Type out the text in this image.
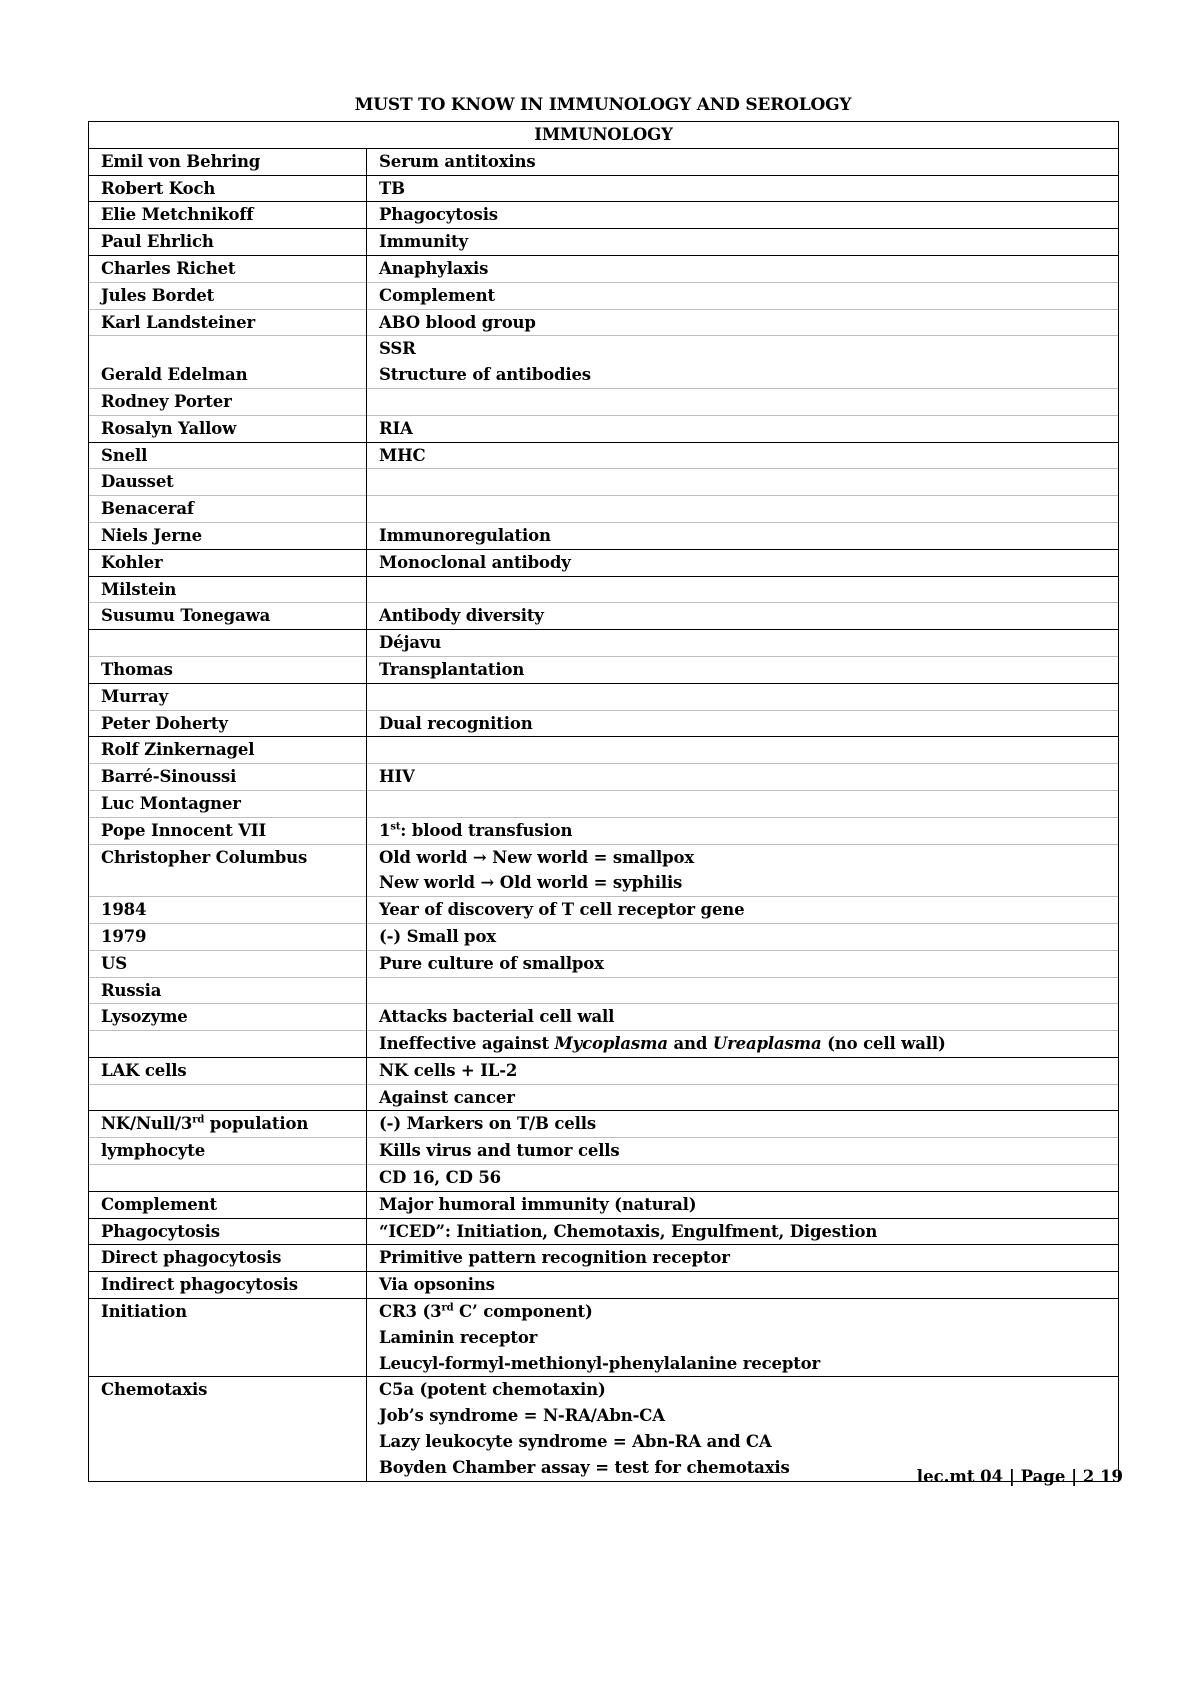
MUST TO KNOW IN IMMUNOLOGY AND SEROLOGY
IMMUNOLOGY	
Emil von Behring	Serum antitoxins
Robert Koch	TB
Elie Metchnikoff	Phagocytosis
Paul Ehrlich	Immunity
Charles Richet	Anaphylaxis
Jules Bordet	Complement
Karl Landsteiner	ABO blood group
	SSR
Gerald Edelman	Structure of antibodies
Rodney Porter	
Rosalyn Yallow	RIA
Snell	MHC
Dausset	
Benaceraf	
Niels Jerne	Immunoregulation
Kohler	Monoclonal antibody
Milstein	
Susumu Tonegawa	Antibody diversity
	Déjavu
Thomas	Transplantation
Murray	
Peter Doherty	Dual recognition
Rolf Zinkernagel	
Barré-Sinoussi	HIV
Luc Montagner	
Pope Innocent VII	1st: blood transfusion
Christopher Columbus	Old world → New world = smallpox
	New world → Old world = syphilis
1984	Year of discovery of T cell receptor gene
1979	(-) Small pox
US	Pure culture of smallpox
Russia	
Lysozyme	Attacks bacterial cell wall
	Ineffective against Mycoplasma and Ureaplasma (no cell wall)
LAK cells	NK cells + IL-2
	Against cancer
NK/Null/3rd population	(-) Markers on T/B cells
lymphocyte	Kills virus and tumor cells
	CD 16, CD 56
Complement	Major humoral immunity (natural)
Phagocytosis	“ICED”: Initiation, Chemotaxis, Engulfment, Digestion
Direct phagocytosis	Primitive pattern recognition receptor
Indirect phagocytosis	Via opsonins
Initiation	CR3 (3rd C’ component)
	Laminin receptor
	Leucyl-formyl-methionyl-phenylalanine receptor
Chemotaxis	C5a (potent chemotaxin)
	Job’s syndrome = N-RA/Abn-CA
	Lazy leukocyte syndrome = Abn-RA and CA
	Boyden Chamber assay = test for chemotaxis	lec.mt 04 | Page | 2 19
